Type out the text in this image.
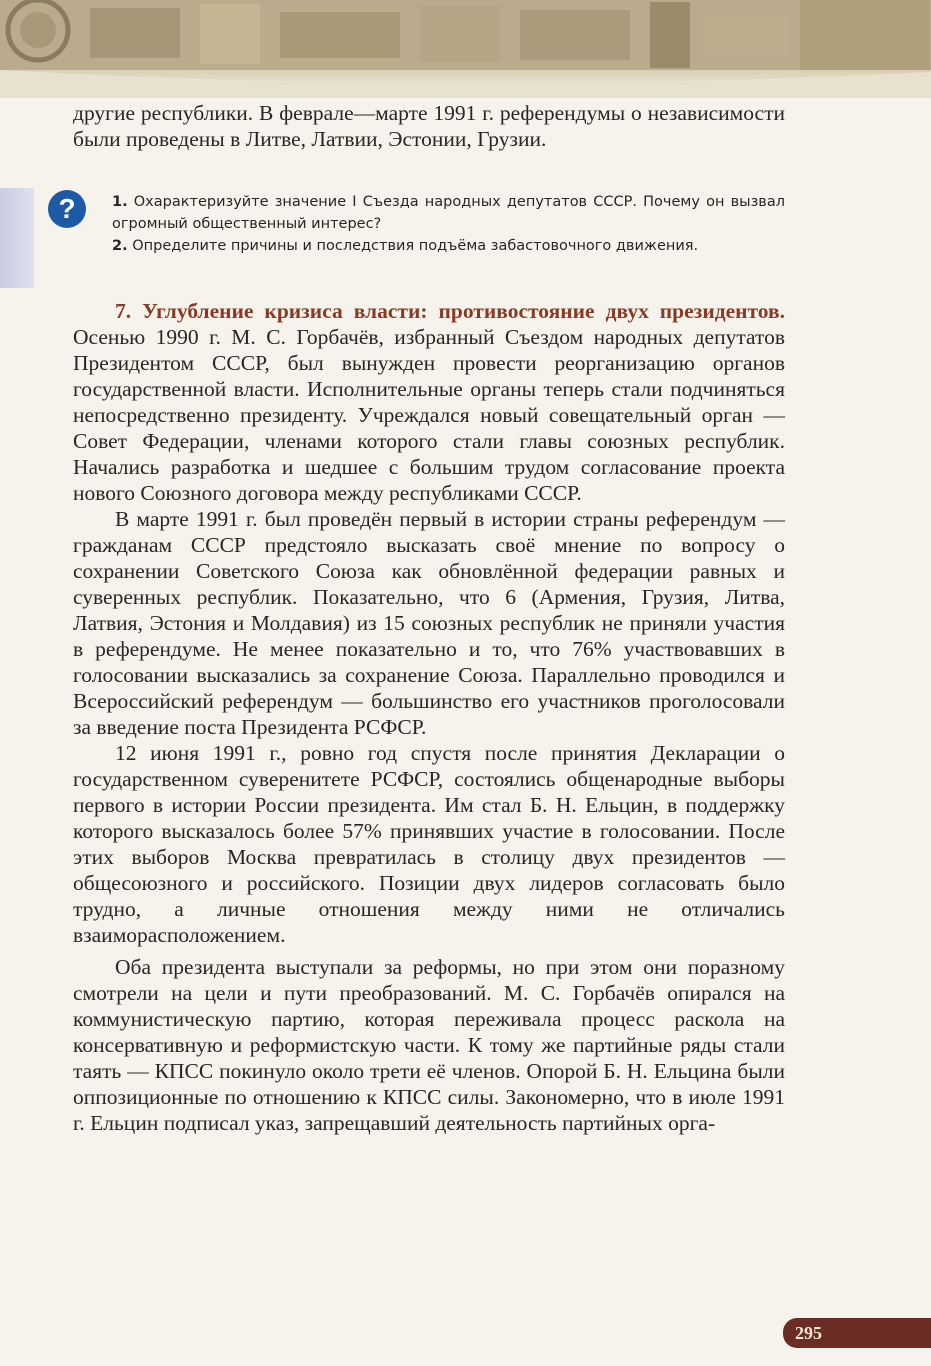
другие республики. В феврале—марте 1991 г. референдумы о независимости были проведены в Литве, Латвии, Эстонии, Грузии.

?	1. Охарактеризуйте значение I Съезда народных депутатов СССР. Почему он вызвал огромный общественный интерес?

2. Определите причины и последствия подъёма забастовочного движения.

7. Углубление кризиса власти: противостояние двух президентов. Осенью 1990 г. М. С. Горбачёв, избранный Съездом народных депутатов Президентом СССР, был вынужден провести реорганизацию органов государственной власти. Исполнительные органы теперь стали подчиняться непосредственно президенту. Учреждался новый совещательный орган — Совет Федерации, членами которого стали главы союзных республик. Начались разработка и шедшее с большим трудом согласование проекта нового Союзного договора между республиками СССР.

В марте 1991 г. был проведён первый в истории страны референдум — гражданам СССР предстояло высказать своё мнение по вопросу о сохранении Советского Союза как обновлённой федерации равных и суверенных республик. Показательно, что 6 (Армения, Грузия, Литва, Латвия, Эстония и Молдавия) из 15 союзных республик не приняли участия в референдуме. Не менее показательно и то, что 76% участвовавших в голосовании высказались за сохранение Союза. Параллельно проводился и Всероссийский референдум — большинство его участников проголосовали за введение поста Президента РСФСР.

12 июня 1991 г., ровно год спустя после принятия Декларации о государственном суверенитете РСФСР, состоялись общенародные выборы первого в истории России президента. Им стал Б. Н. Ельцин, в поддержку которого высказалось более 57% принявших участие в голосовании. После этих выборов Москва превратилась в столицу двух президентов — общесоюзного и российского. Позиции двух лидеров согласовать было трудно, а личные отношения между ними не отличались взаиморасположением.

Оба президента выступали за реформы, но при этом они поразному смотрели на цели и пути преобразований. М. С. Горбачёв опирался на коммунистическую партию, которая переживала процесс раскола на консервативную и реформистскую части. К тому же партийные ряды стали таять — КПСС покинуло около трети её членов. Опорой Б. Н. Ельцина были оппозиционные по отношению к КПСС силы. Закономерно, что в июле 1991 г. Ельцин подписал указ, запрещавший деятельность партийных орга-

295
